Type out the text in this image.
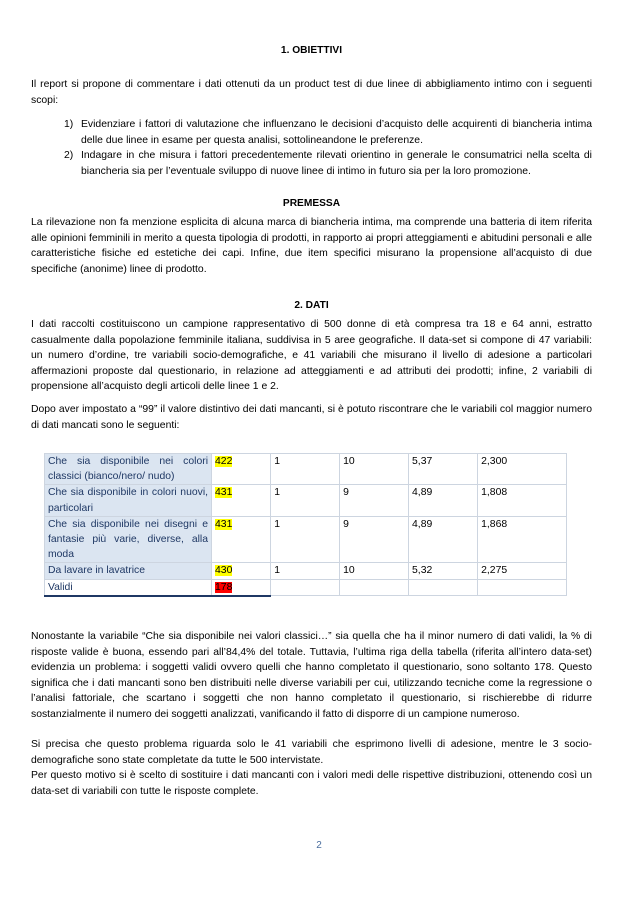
1. OBIETTIVI
Il report si propone di commentare i dati ottenuti da un product test di due linee di abbigliamento intimo con i seguenti scopi:
1) Evidenziare i fattori di valutazione che influenzano le decisioni d’acquisto delle acquirenti di biancheria intima delle due linee in esame per questa analisi, sottolineandone le preferenze.
2) Indagare in che misura i fattori precedentemente rilevati orientino in generale le consumatrici nella scelta di biancheria sia per l’eventuale sviluppo di nuove linee di intimo in futuro sia per la loro promozione.
PREMESSA
La rilevazione non fa menzione esplicita di alcuna marca di biancheria intima, ma comprende una batteria di item riferita alle opinioni femminili in merito a questa tipologia di prodotti, in rapporto ai propri atteggiamenti e abitudini personali e alle caratteristiche fisiche ed estetiche dei capi. Infine, due item specifici misurano la propensione all’acquisto di due specifiche (anonime) linee di prodotto.
2. DATI
I dati raccolti costituiscono un campione rappresentativo di 500 donne di età compresa tra 18 e 64 anni, estratto casualmente dalla popolazione femminile italiana, suddivisa in 5 aree geografiche. Il data-set si compone di 47 variabili: un numero d’ordine, tre variabili socio-demografiche, e 41 variabili che misurano il livello di adesione a particolari affermazioni proposte dal questionario, in relazione ad atteggiamenti e ad attributi dei prodotti; infine, 2 variabili di propensione all’acquisto degli articoli delle linee 1 e 2.
Dopo aver impostato a “99” il valore distintivo dei dati mancanti, si è potuto riscontrare che le variabili col maggior numero di dati mancati sono le seguenti:
Nonostante la variabile “Che sia disponibile nei valori classici…” sia quella che ha il minor numero di dati validi, la % di risposte valide è buona, essendo pari all’84,4% del totale. Tuttavia, l’ultima riga della tabella (riferita all’intero data-set) evidenzia un problema: i soggetti validi ovvero quelli che hanno completato il questionario, sono soltanto 178. Questo significa che i dati mancanti sono ben distribuiti nelle diverse variabili per cui, utilizzando tecniche come la regressione o l’analisi fattoriale, che scartano i soggetti che non hanno completato il questionario, si rischierebbe di ridurre sostanzialmente il numero dei soggetti analizzati, vanificando il fatto di disporre di un campione numeroso.
Si precisa che questo problema riguarda solo le 41 variabili che esprimono livelli di adesione, mentre le 3 socio-demografiche sono state completate da tutte le 500 intervistate.
Per questo motivo si è scelto di sostituire i dati mancanti con i valori medi delle rispettive distribuzioni, ottenendo così un data-set di variabili con tutte le risposte complete.
Che sia disponibile nei colori classici (bianco/nero/ nudo)	422	1	10	5,37	2,300
Che sia disponibile in colori nuovi, particolari	431	1	9	4,89	1,808
Che sia disponibile nei disegni e fantasie più varie, diverse, alla moda	431	1	9	4,89	1,868
Da lavare in lavatrice	430	1	10	5,32	2,275
Validi	178				
2
